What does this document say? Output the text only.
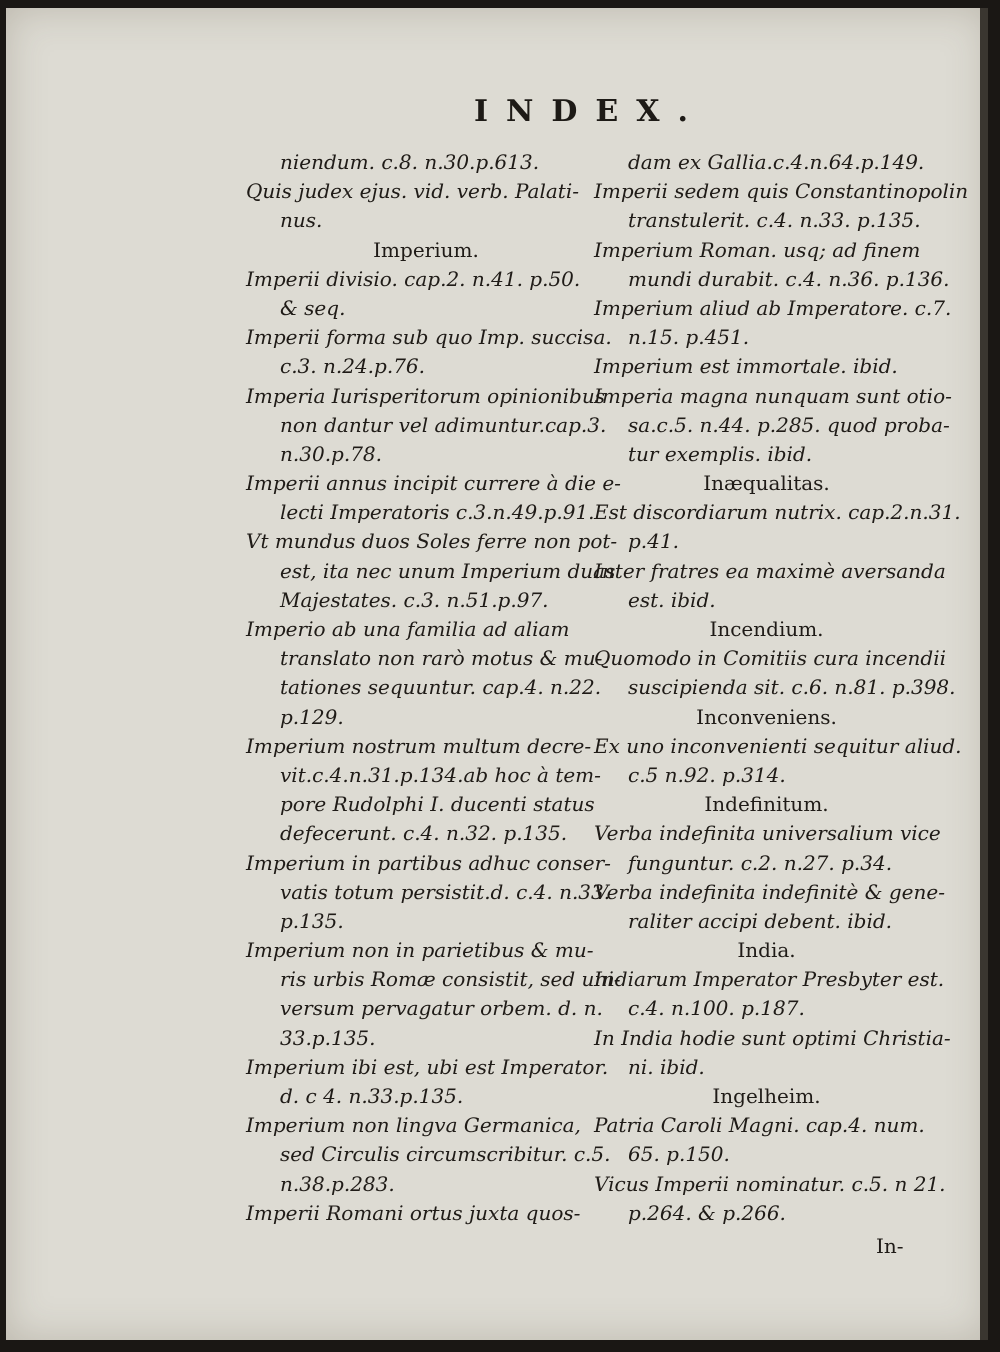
INDEX.
niendum. c.8. n.30.p.613.
Quis judex ejus. vid. verb. Palati-
nus.
Imperium.
Imperii divisio. cap.2. n.41. p.50.
& seq.
Imperii forma sub quo Imp. succisa.
c.3. n.24.p.76.
Imperia Iurisperitorum opinionibus
non dantur vel adimuntur.cap.3.
n.30.p.78.
Imperii annus incipit currere à die e-
lecti Imperatoris c.3.n.49.p.91.
Vt mundus duos Soles ferre non pot-
est, ita nec unum Imperium duas
Majestates. c.3. n.51.p.97.
Imperio ab una familia ad aliam
translato non rarò motus & mu-
tationes sequuntur. cap.4. n.22.
p.129.
Imperium nostrum multum decre-
vit.c.4.n.31.p.134.ab hoc à tem-
pore Rudolphi I. ducenti status
defecerunt. c.4. n.32. p.135.
Imperium in partibus adhuc conser-
vatis totum persistit.d. c.4. n.33.
p.135.
Imperium non in parietibus & mu-
ris urbis Romæ consistit, sed uni-
versum pervagatur orbem. d. n.
33.p.135.
Imperium ibi est, ubi est Imperator.
d. c 4. n.33.p.135.
Imperium non lingva Germanica,
sed Circulis circumscribitur. c.5.
n.38.p.283.
Imperii Romani ortus juxta quos-
dam ex Gallia.c.4.n.64.p.149.
Imperii sedem quis Constantinopolin
transtulerit. c.4. n.33. p.135.
Imperium Roman. usq; ad finem
mundi durabit. c.4. n.36. p.136.
Imperium aliud ab Imperatore. c.7.
n.15. p.451.
Imperium est immortale. ibid.
Imperia magna nunquam sunt otio-
sa.c.5. n.44. p.285. quod proba-
tur exemplis. ibid.
Inæqualitas.
Est discordiarum nutrix. cap.2.n.31.
p.41.
Inter fratres ea maximè aversanda
est. ibid.
Incendium.
Quomodo in Comitiis cura incendii
suscipienda sit. c.6. n.81. p.398.
Inconveniens.
Ex uno inconvenienti sequitur aliud.
c.5 n.92. p.314.
Indefinitum.
Verba indefinita universalium vice
funguntur. c.2. n.27. p.34.
Verba indefinita indefinitè & gene-
raliter accipi debent. ibid.
India.
Indiarum Imperator Presbyter est.
c.4. n.100. p.187.
In India hodie sunt optimi Christia-
ni. ibid.
Ingelheim.
Patria Caroli Magni. cap.4. num.
65. p.150.
Vicus Imperii nominatur. c.5. n 21.
p.264. & p.266.
In-
